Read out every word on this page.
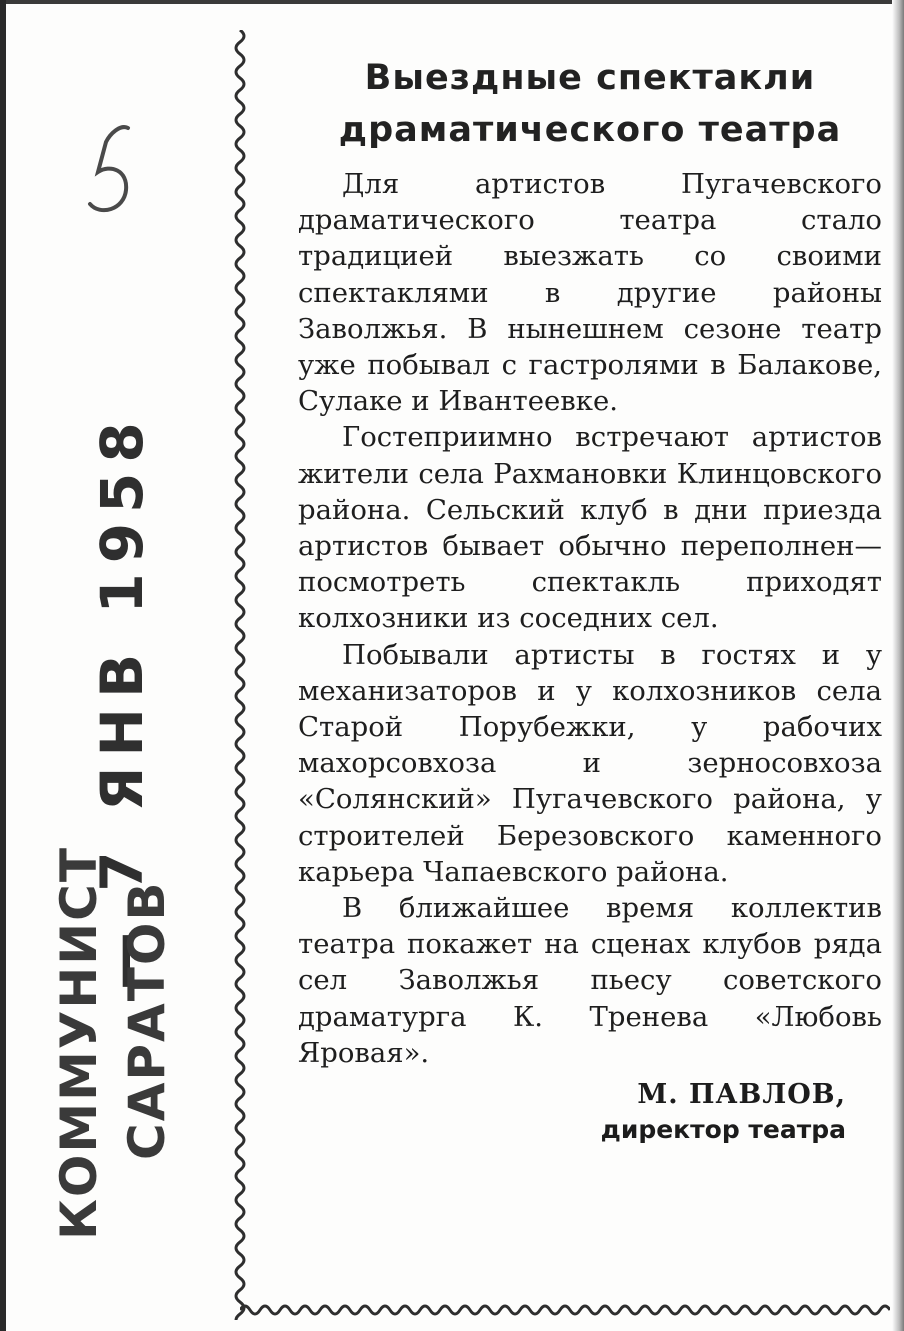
— 7 ЯНВ 1958
КОММУНИСТ САРАТОВ
Выездные спектакли
драматического театра

Для артистов Пугачевского драматического театра стало традицией выезжать со своими спектаклями в другие районы Заволжья. В нынешнем сезоне театр уже побывал с гастролями в Балакове, Сулаке и Ивантеевке.

Гостеприимно встречают артистов жители села Рахмановки Клинцовского района. Сельский клуб в дни приезда артистов бывает обычно переполнен—посмотреть спектакль приходят колхозники из соседних сел.

Побывали артисты в гостях и у механизаторов и у колхозников села Старой Порубежки, у рабочих махорсовхоза и зерносовхоза «Солянский» Пугачевского района, у строителей Березовского каменного карьера Чапаевского района.

В ближайшее время коллектив театра покажет на сценах клубов ряда сел Заволжья пьесу советского драматурга К. Тренева «Любовь Яровая».

М. ПАВЛОВ,
директор театра
